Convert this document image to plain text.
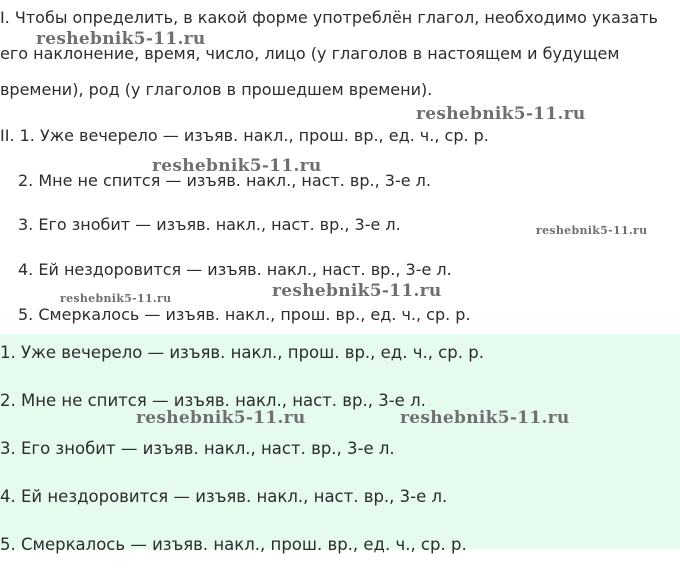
I. Чтобы определить, в какой форме употреблён глагол, необходимо указать
его наклонение, время, число, лицо (у глаголов в настоящем и будущем
времени), род (у глаголов в прошедшем времени).
II. 1. Уже вечерело — изъяв. накл., прош. вр., ед. ч., ср. р.
2. Мне не спится — изъяв. накл., наст. вр., 3-е л.
3. Его знобит — изъяв. накл., наст. вр., 3-е л.
4. Ей нездоровится — изъяв. накл., наст. вр., 3-е л.
5. Смеркалось — изъяв. накл., прош. вр., ед. ч., ср. р.
1. Уже вечерело — изъяв. накл., прош. вр., ед. ч., ср. р.
2. Мне не спится — изъяв. накл., наст. вр., 3-е л.
3. Его знобит — изъяв. накл., наст. вр., 3-е л.
4. Ей нездоровится — изъяв. накл., наст. вр., 3-е л.
5. Смеркалось — изъяв. накл., прош. вр., ед. ч., ср. р.
reshebnik5-11.ru
reshebnik5-11.ru
reshebnik5-11.ru
reshebnik5-11.ru
reshebnik5-11.ru
reshebnik5-11.ru
reshebnik5-11.ru	reshebnik5-11.ru
